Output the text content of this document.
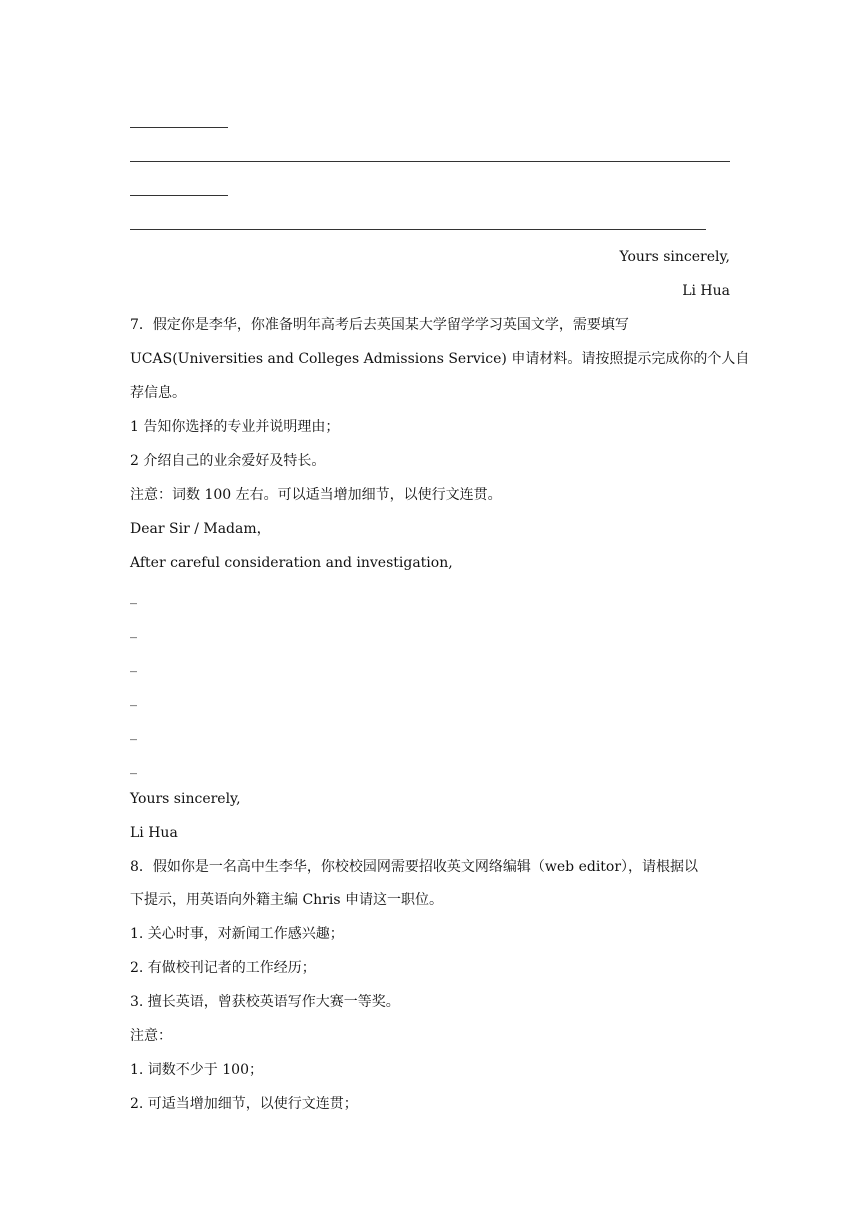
Yours sincerely,
Li Hua
7．假定你是李华，你准备明年高考后去英国某大学留学学习英国文学，需要填写
UCAS(Universities and Colleges Admissions Service) 申请材料。请按照提示完成你的个人自
荐信息。
1 告知你选择的专业并说明理由；
2 介绍自己的业余爱好及特长。
注意：词数 100 左右。可以适当增加细节，以使行文连贯。
Dear Sir / Madam，
After careful consideration and investigation,
_
_
_
_
_
_
Yours sincerely,
Li Hua
8．假如你是一名高中生李华，你校校园网需要招收英文网络编辑（web editor），请根据以
下提示，用英语向外籍主编 Chris 申请这一职位。
1. 关心时事，对新闻工作感兴趣；
2. 有做校刊记者的工作经历；
3. 擅长英语，曾获校英语写作大赛一等奖。
注意：
1. 词数不少于 100；
2. 可适当增加细节，以使行文连贯；
